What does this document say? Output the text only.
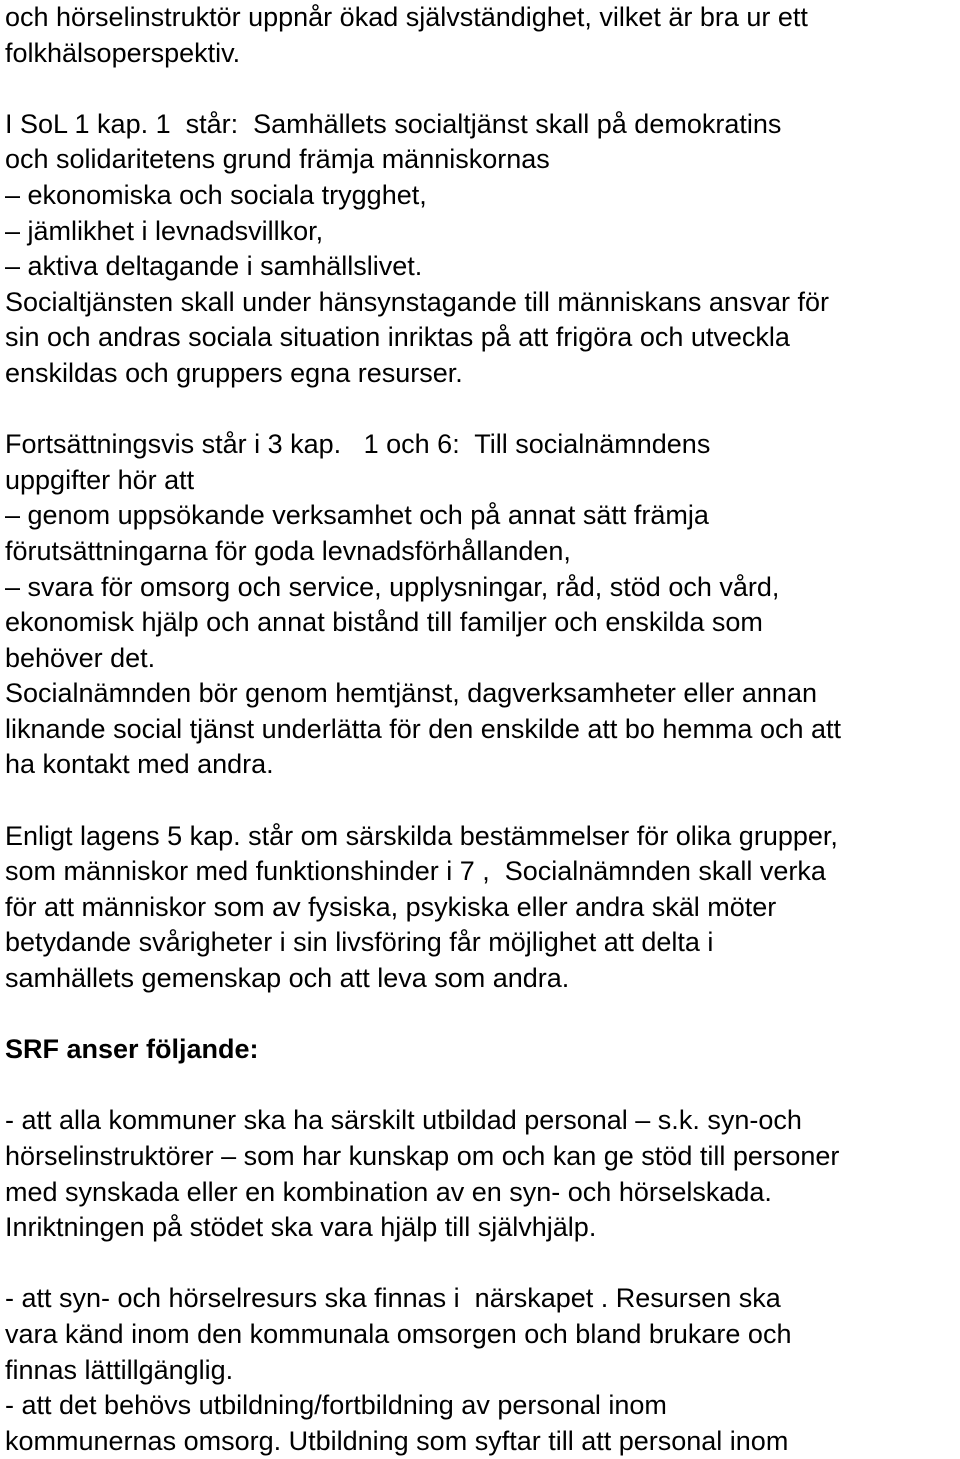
och hörselinstruktör uppnår ökad självständighet, vilket är bra ur ett
folkhälsoperspektiv.
I SoL 1 kap. 1  står:  Samhällets socialtjänst skall på demokratins
och solidaritetens grund främja människornas
– ekonomiska och sociala trygghet,
– jämlikhet i levnadsvillkor,
– aktiva deltagande i samhällslivet.
Socialtjänsten skall under hänsynstagande till människans ansvar för
sin och andras sociala situation inriktas på att frigöra och utveckla
enskildas och gruppers egna resurser.
Fortsättningsvis står i 3 kap.   1 och 6:  Till socialnämndens
uppgifter hör att
– genom uppsökande verksamhet och på annat sätt främja
förutsättningarna för goda levnadsförhållanden,
– svara för omsorg och service, upplysningar, råd, stöd och vård,
ekonomisk hjälp och annat bistånd till familjer och enskilda som
behöver det.
Socialnämnden bör genom hemtjänst, dagverksamheter eller annan
liknande social tjänst underlätta för den enskilde att bo hemma och att
ha kontakt med andra.
Enligt lagens 5 kap. står om särskilda bestämmelser för olika grupper,
som människor med funktionshinder i 7 ,  Socialnämnden skall verka
för att människor som av fysiska, psykiska eller andra skäl möter
betydande svårigheter i sin livsföring får möjlighet att delta i
samhällets gemenskap och att leva som andra.
SRF anser följande:
- att alla kommuner ska ha särskilt utbildad personal – s.k. syn-och
hörselinstruktörer – som har kunskap om och kan ge stöd till personer
med synskada eller en kombination av en syn- och hörselskada.
Inriktningen på stödet ska vara hjälp till självhjälp.
- att syn- och hörselresurs ska finnas i  närskapet . Resursen ska
vara känd inom den kommunala omsorgen och bland brukare och
finnas lättillgänglig.
- att det behövs utbildning/fortbildning av personal inom
kommunernas omsorg. Utbildning som syftar till att personal inom
